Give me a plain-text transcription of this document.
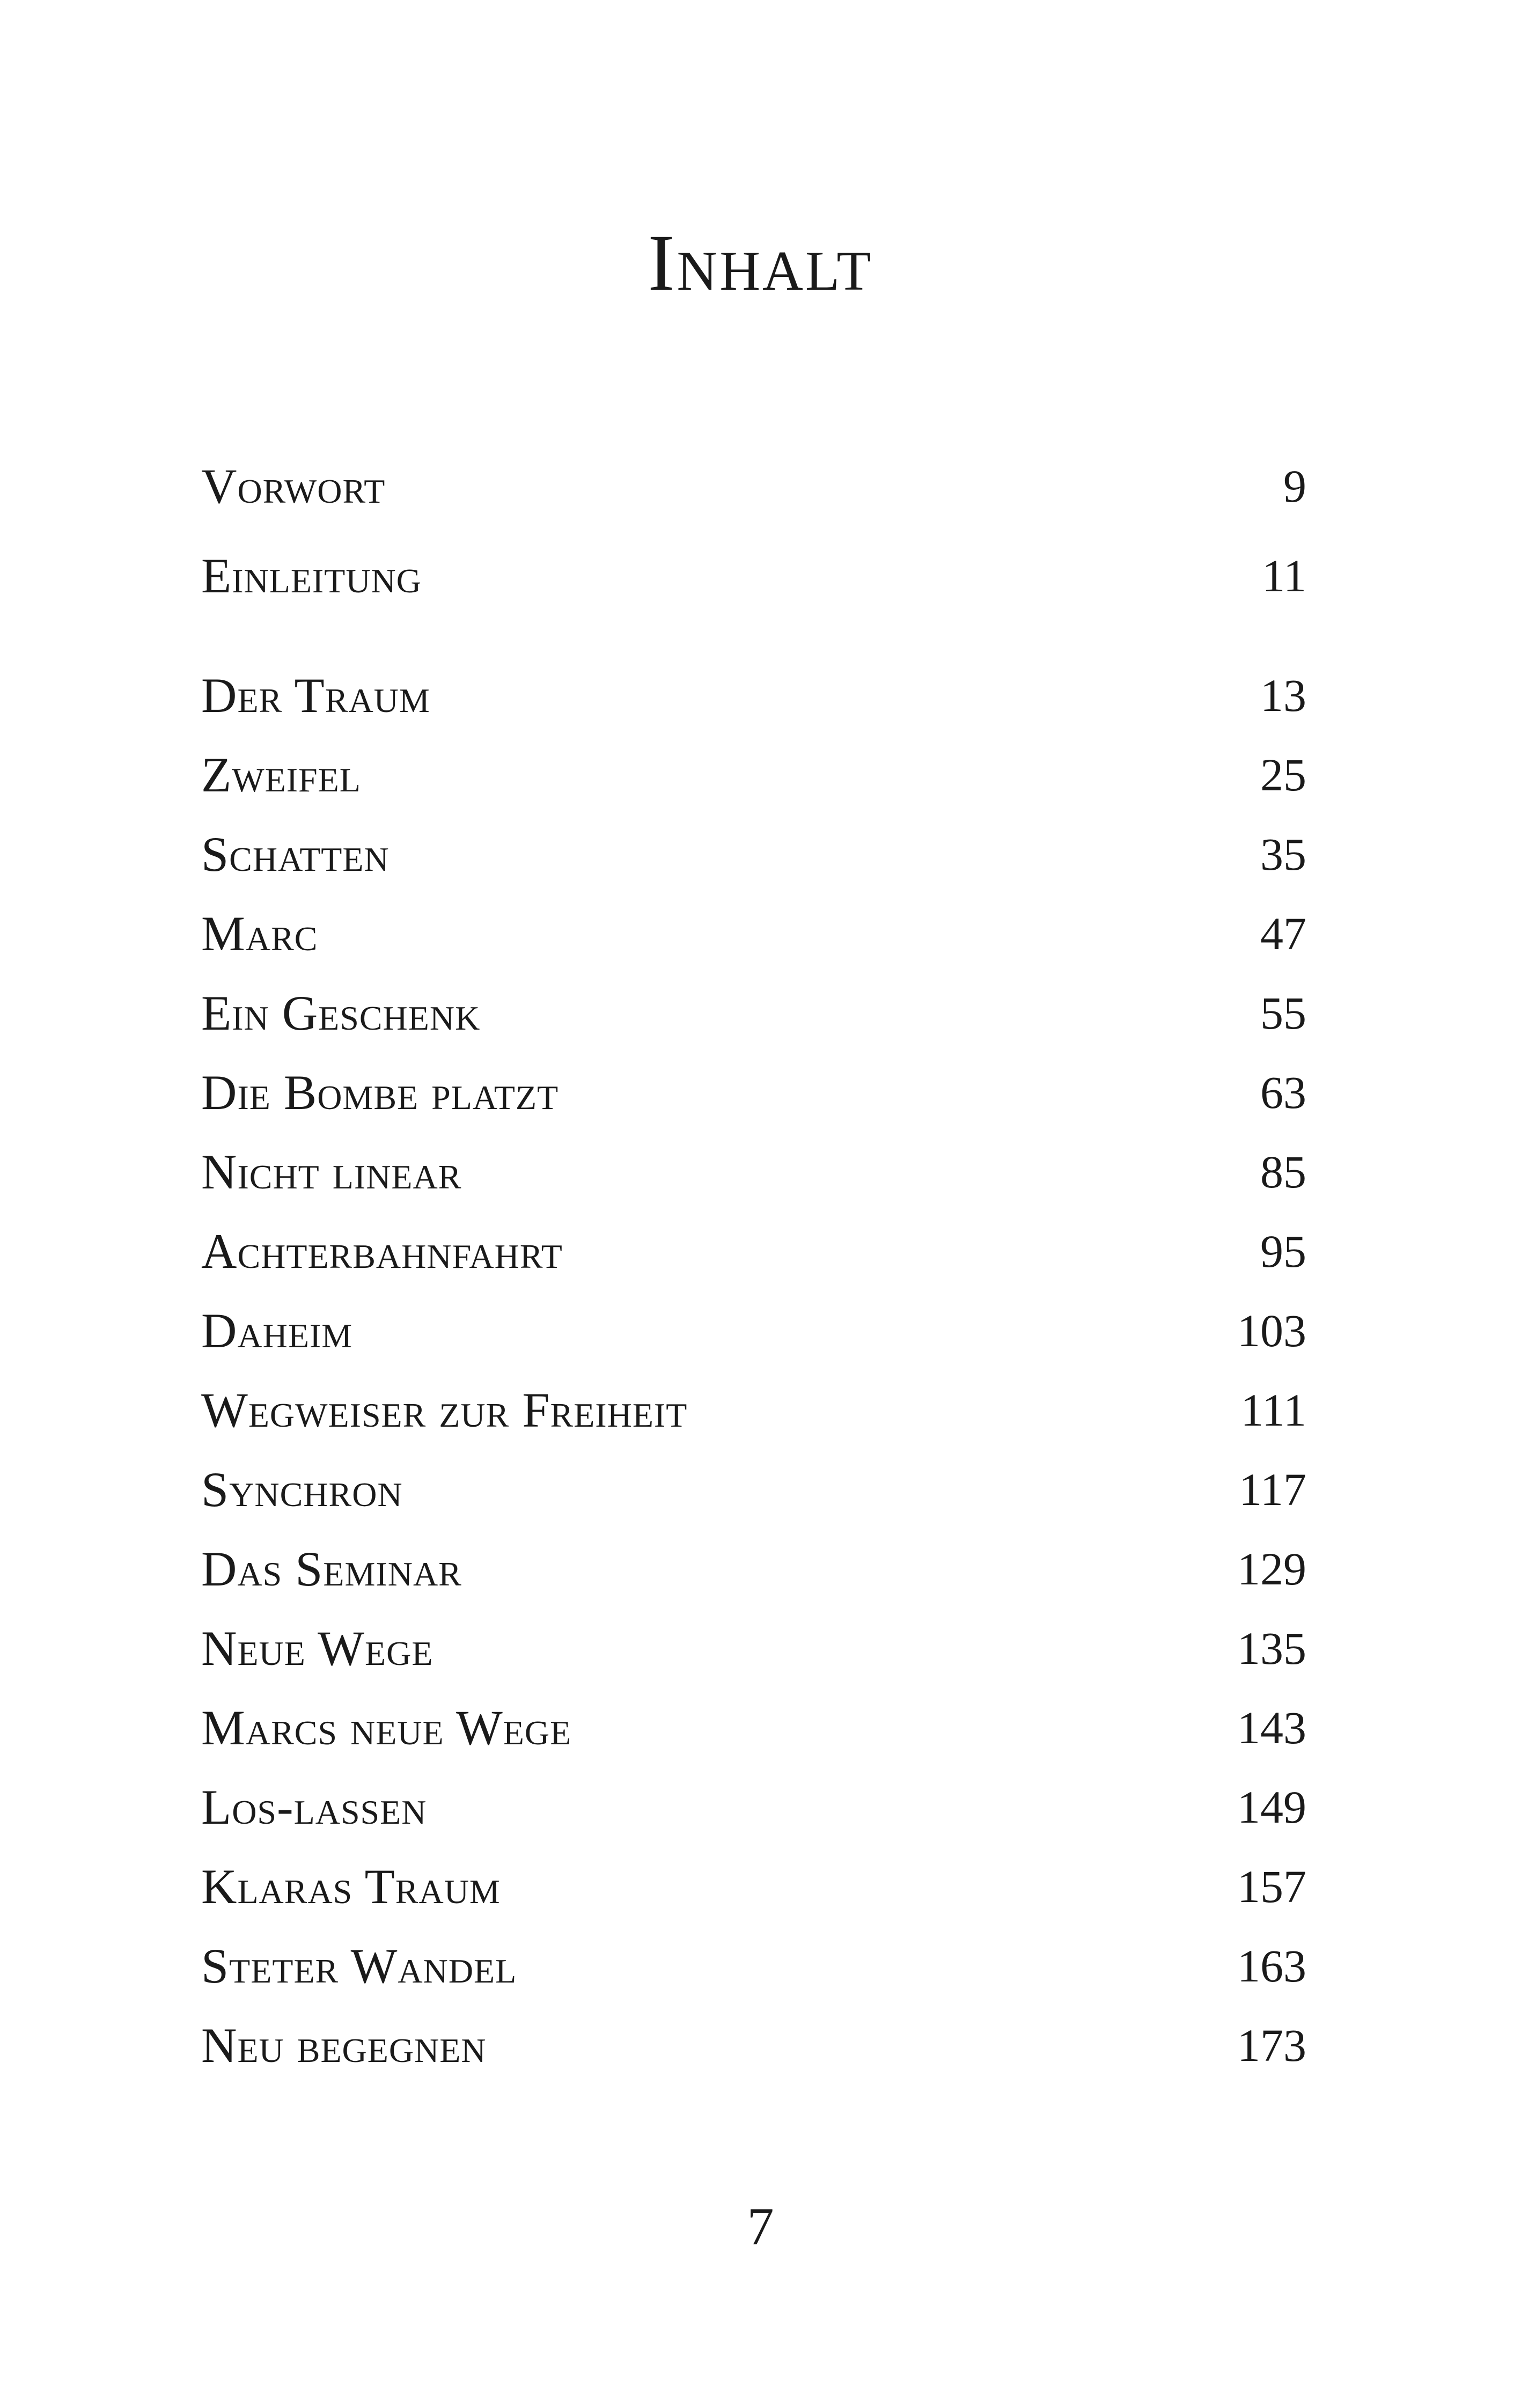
Inhalt
Vorwort	9
Einleitung	11
Der Traum	13
Zweifel	25
Schatten	35
Marc	47
Ein Geschenk	55
Die Bombe platzt	63
Nicht linear	85
Achterbahnfahrt	95
Daheim	103
Wegweiser zur Freiheit	111
Synchron	117
Das Seminar	129
Neue Wege	135
Marcs neue Wege	143
Los-lassen	149
Klaras Traum	157
Steter Wandel	163
Neu begegnen	173
7
